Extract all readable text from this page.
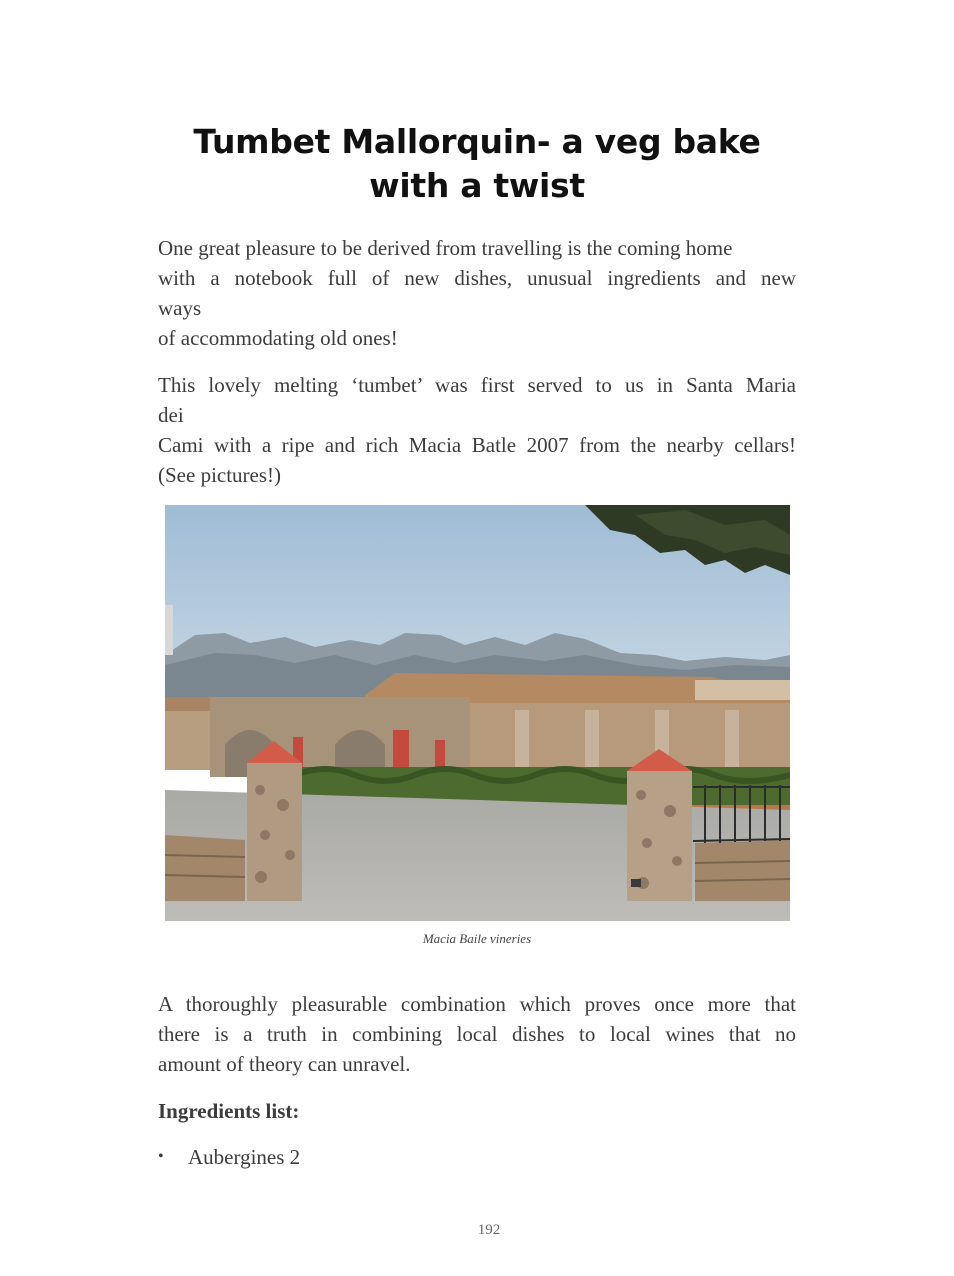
Tumbet Mallorquin- a veg bake with a twist

One great pleasure to be derived from travelling is the coming home
with a notebook full of new dishes, unusual ingredients and new
ways
of accommodating old ones!

This lovely melting ‘tumbet’ was first served to us in Santa Maria
dei
Cami with a ripe and rich Macia Batle 2007 from the nearby cellars!
(See pictures!)

Macia Baile vineries

A thoroughly pleasurable combination which proves once more that
there is a truth in combining local dishes to local wines that no
amount of theory can unravel.

Ingredients list:

• Aubergines 2

192
